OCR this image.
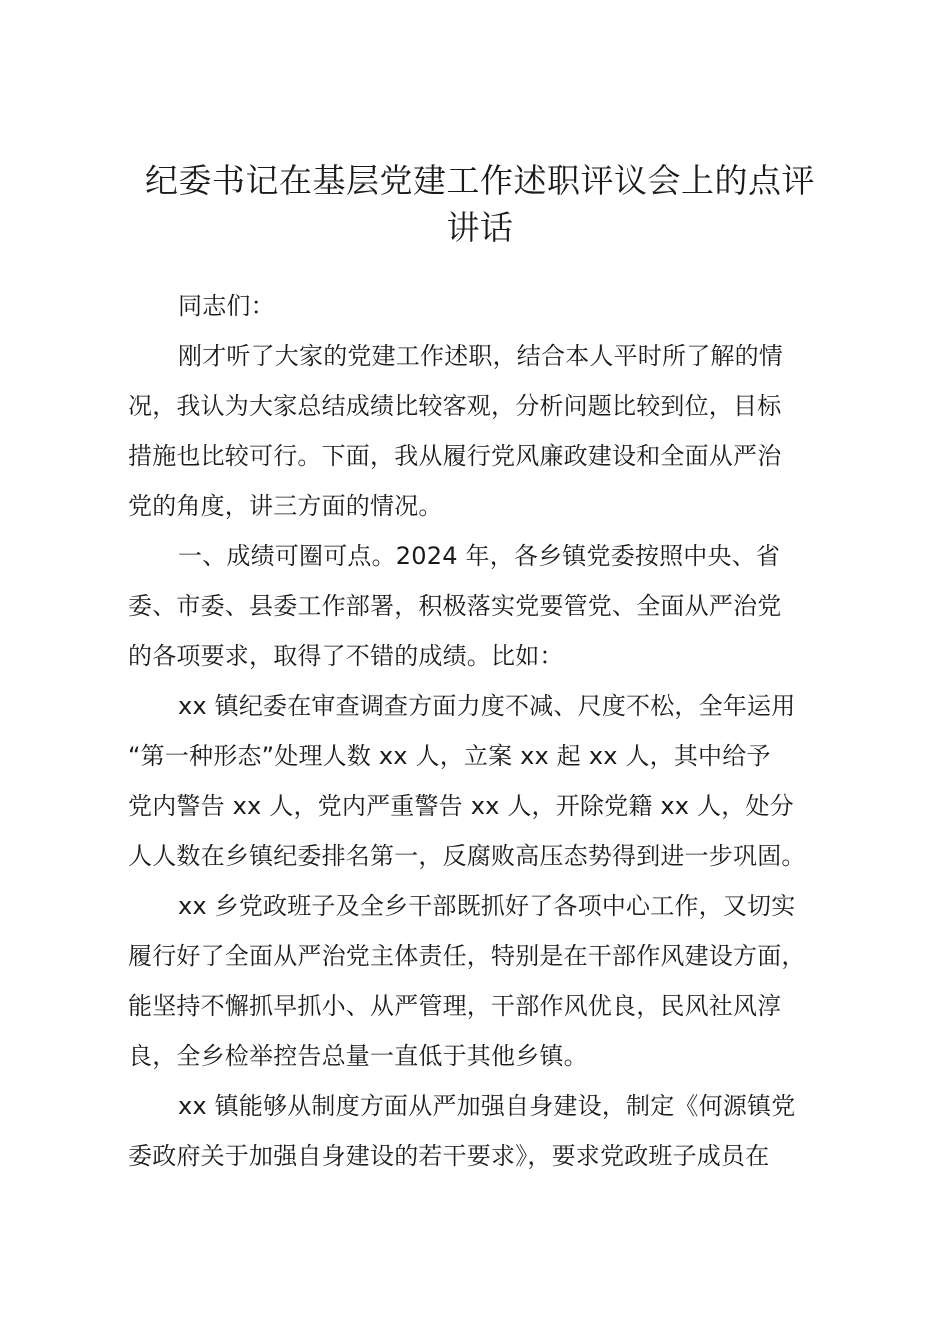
纪委书记在基层党建工作述职评议会上的点评
讲话
同志们：
刚才听了大家的党建工作述职，结合本人平时所了解的情
况，我认为大家总结成绩比较客观，分析问题比较到位，目标
措施也比较可行。下面，我从履行党风廉政建设和全面从严治
党的角度，讲三方面的情况。
一、成绩可圈可点。2024 年，各乡镇党委按照中央、省
委、市委、县委工作部署，积极落实党要管党、全面从严治党
的各项要求，取得了不错的成绩。比如：
xx 镇纪委在审查调查方面力度不减、尺度不松，全年运用
“第一种形态”处理人数 xx 人，立案 xx 起 xx 人，其中给予
党内警告 xx 人，党内严重警告 xx 人，开除党籍 xx 人，处分
人人数在乡镇纪委排名第一，反腐败高压态势得到进一步巩固。
xx 乡党政班子及全乡干部既抓好了各项中心工作，又切实
履行好了全面从严治党主体责任，特别是在干部作风建设方面，
能坚持不懈抓早抓小、从严管理，干部作风优良，民风社风淳
良，全乡检举控告总量一直低于其他乡镇。
xx 镇能够从制度方面从严加强自身建设，制定《何源镇党
委政府关于加强自身建设的若干要求》，要求党政班子成员在
